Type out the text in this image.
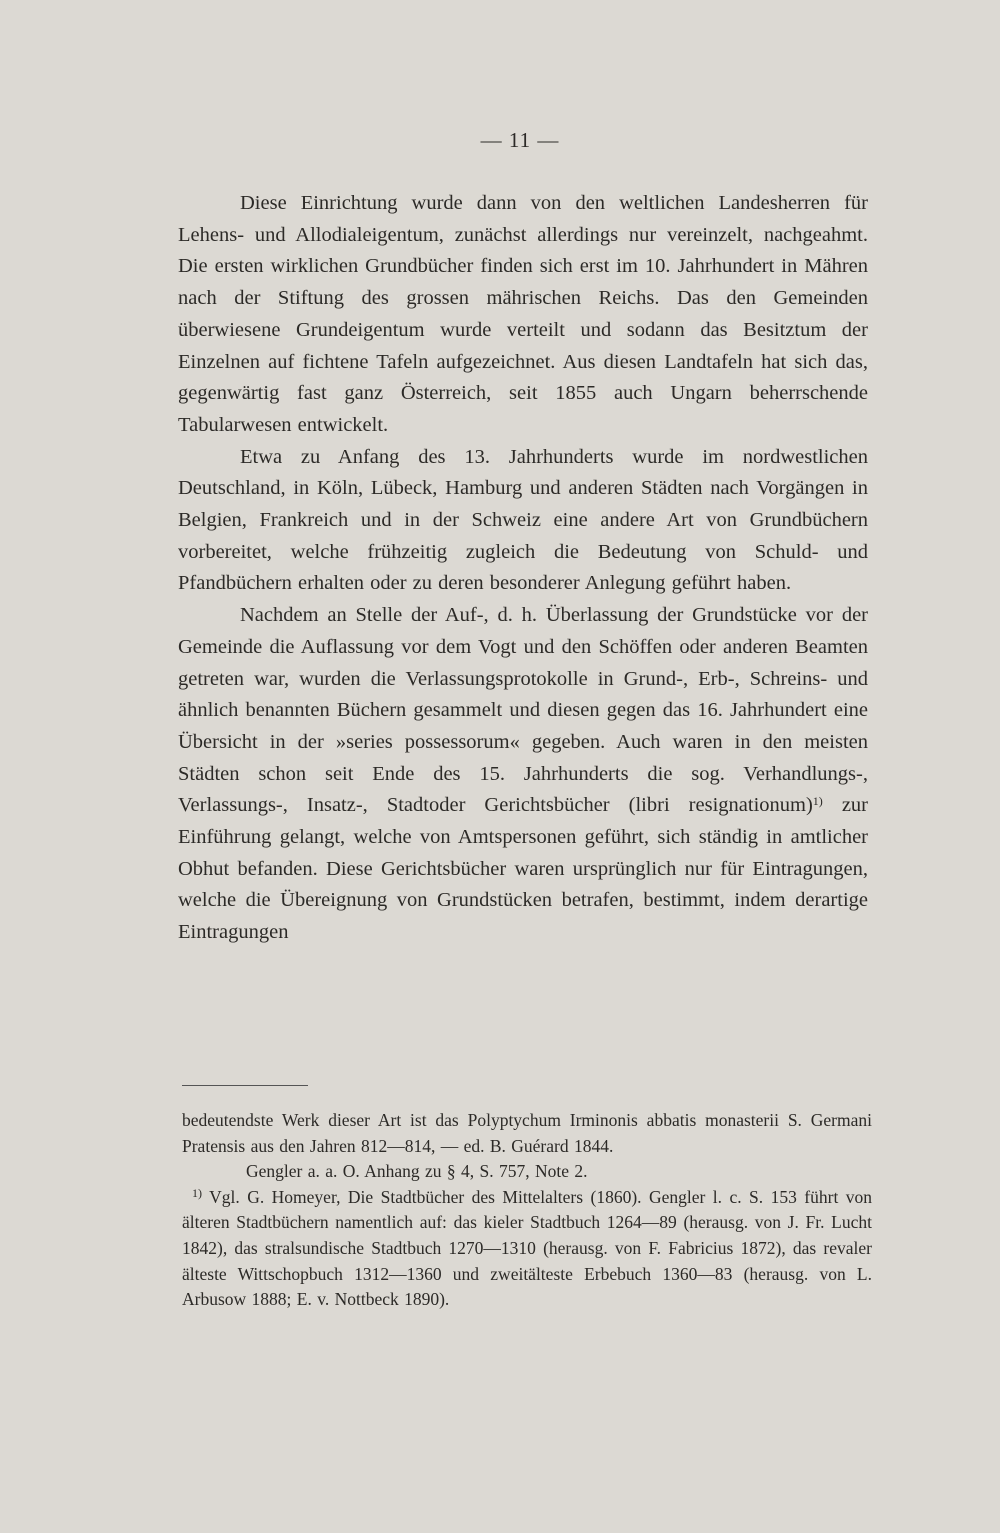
— 11 —

Diese Einrichtung wurde dann von den weltlichen Landesherren für Lehens- und Allodialeigentum, zunächst allerdings nur vereinzelt, nachgeahmt. Die ersten wirklichen Grundbücher finden sich erst im 10. Jahrhundert in Mähren nach der Stiftung des grossen mährischen Reichs. Das den Gemeinden überwiesene Grundeigentum wurde verteilt und sodann das Besitztum der Einzelnen auf fichtene Tafeln aufgezeichnet. Aus diesen Landtafeln hat sich das, gegenwärtig fast ganz Österreich, seit 1855 auch Ungarn beherrschende Tabularwesen entwickelt.

Etwa zu Anfang des 13. Jahrhunderts wurde im nordwestlichen Deutschland, in Köln, Lübeck, Hamburg und anderen Städten nach Vorgängen in Belgien, Frankreich und in der Schweiz eine andere Art von Grundbüchern vorbereitet, welche frühzeitig zugleich die Bedeutung von Schuld- und Pfandbüchern erhalten oder zu deren besonderer Anlegung geführt haben.

Nachdem an Stelle der Auf-, d. h. Überlassung der Grundstücke vor der Gemeinde die Auflassung vor dem Vogt und den Schöffen oder anderen Beamten getreten war, wurden die Verlassungsprotokolle in Grund-, Erb-, Schreins- und ähnlich benannten Büchern gesammelt und diesen gegen das 16. Jahrhundert eine Übersicht in der »series possessorum« gegeben. Auch waren in den meisten Städten schon seit Ende des 15. Jahrhunderts die sog. Verhandlungs-, Verlassungs-, Insatz-, Stadtoder Gerichtsbücher (libri resignationum)$^{1)}$ zur Einführung gelangt, welche von Amtspersonen geführt, sich ständig in amtlicher Obhut befanden. Diese Gerichtsbücher waren ursprünglich nur für Eintragungen, welche die Übereignung von Grundstücken betrafen, bestimmt, indem derartige Eintragungen

bedeutendste Werk dieser Art ist das Polyptychum Irminonis abbatis monasterii S. Germani Pratensis aus den Jahren 812—814, — ed. B. Guérard 1844.

Gengler a. a. O. Anhang zu § 4, S. 757, Note 2.

$^{1)}$ Vgl. G. Homeyer, Die Stadtbücher des Mittelalters (1860). Gengler l. c. S. 153 führt von älteren Stadtbüchern namentlich auf: das kieler Stadtbuch 1264—89 (herausg. von J. Fr. Lucht 1842), das stralsundische Stadtbuch 1270—1310 (herausg. von F. Fabricius 1872), das revaler älteste Wittschopbuch 1312—1360 und zweitälteste Erbebuch 1360—83 (herausg. von L. Arbusow 1888; E. v. Nottbeck 1890).
